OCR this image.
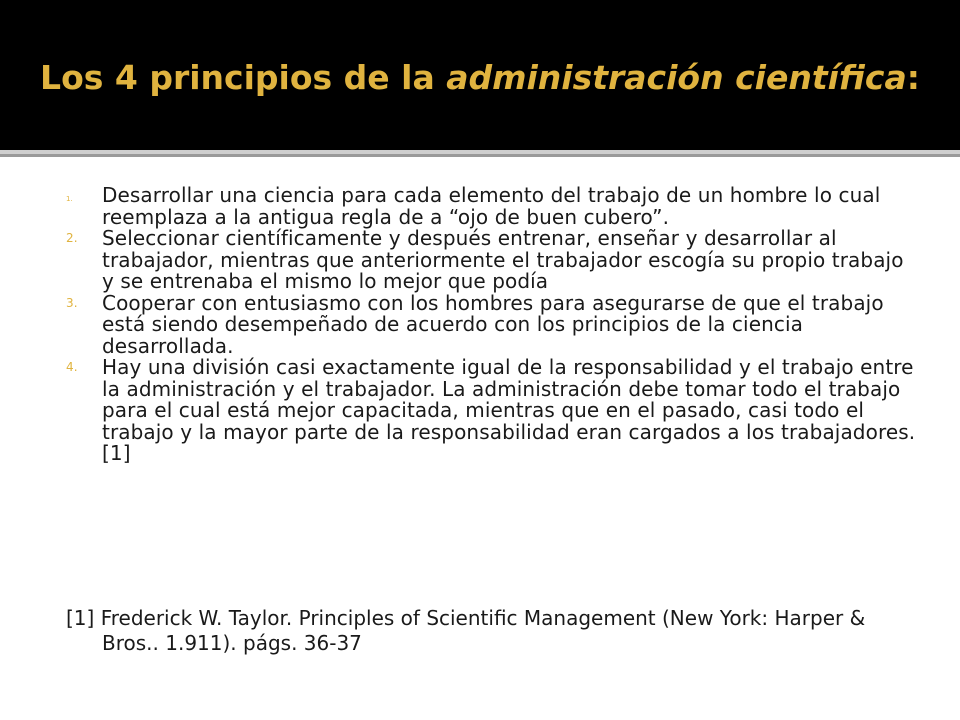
Los 4 principios de la administración científica:
1. Desarrollar una ciencia para cada elemento del trabajo de un hombre lo cual reemplaza a la antigua regla de a “ojo de buen cubero”.
2. Seleccionar científicamente y después entrenar, enseñar y desarrollar al trabajador, mientras que anteriormente el trabajador escogía su propio trabajo y se entrenaba el mismo lo mejor que podía
3. Cooperar con entusiasmo con los hombres para asegurarse de que el trabajo está siendo desempeñado de acuerdo con los principios de la ciencia desarrollada.
4. Hay una división casi exactamente igual de la responsabilidad y el trabajo entre la administración y el trabajador. La administración debe tomar todo el trabajo para el cual está mejor capacitada, mientras que en el pasado, casi todo el trabajo y la mayor parte de la responsabilidad eran cargados a los trabajadores.[1]
[1] Frederick W. Taylor. Principles of Scientific Management (New York: Harper & Bros.. 1.911). págs. 36-37
